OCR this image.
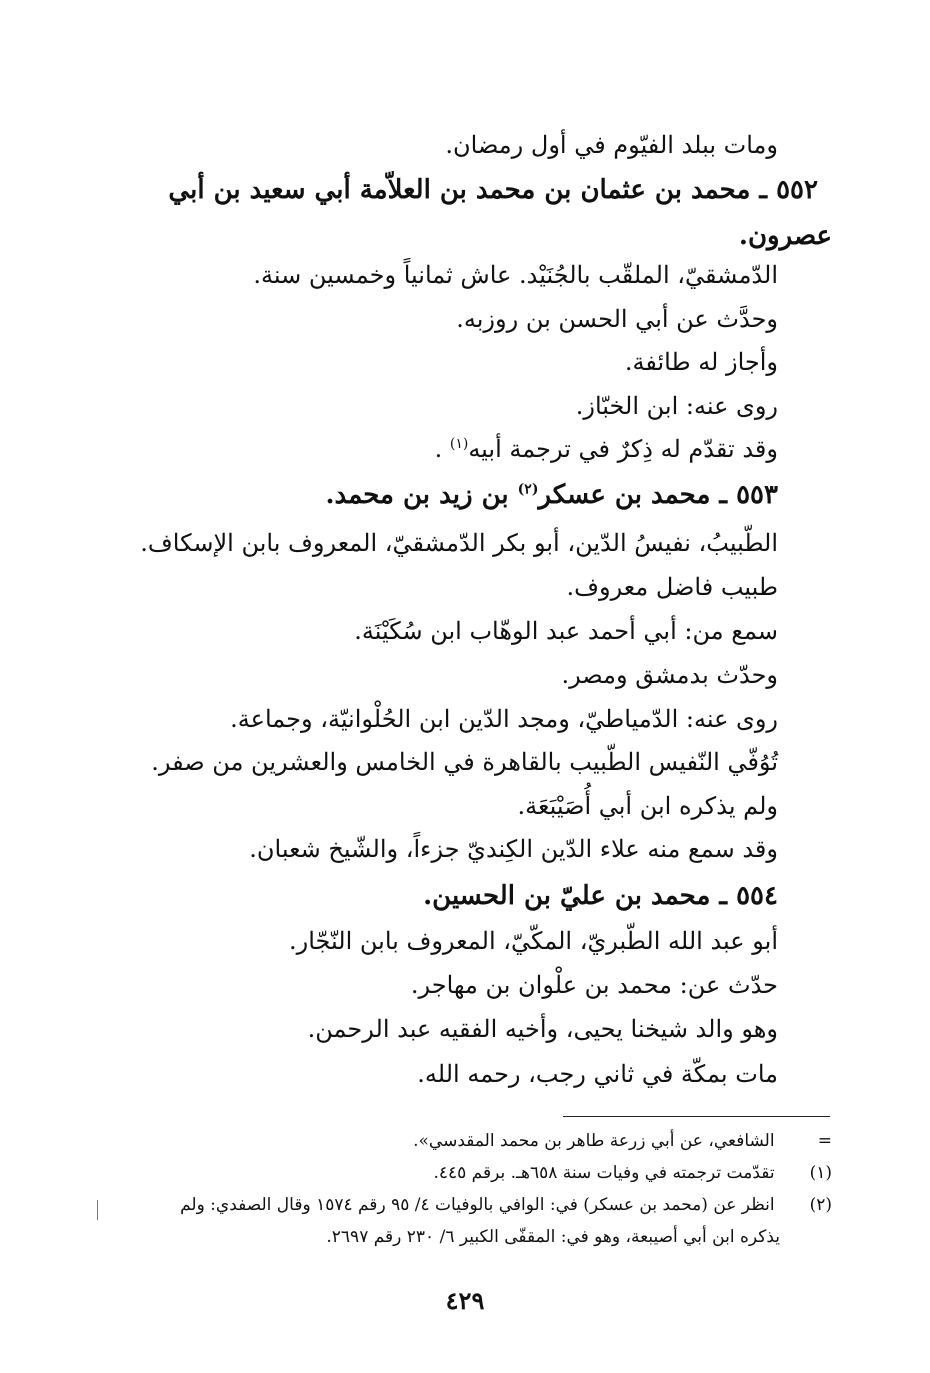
ومات ببلد الفيّوم في أول رمضان.
٥٥٢ ـ محمد بن عثمان بن محمد بن العلاّمة أبي سعيد بن أبي
عصرون.
الدّمشقيّ، الملقّب بالجُنَيْد. عاش ثمانياً وخمسين سنة.
وحدَّث عن أبي الحسن بن روزبه.
وأجاز له طائفة.
روى عنه: ابن الخبّاز.
وقد تقدّم له ذِكرٌ في ترجمة أبيه$^{(١)}$ .
٥٥٣ ـ محمد بن عسكر$^{(٢)}$ بن زيد بن محمد.
الطّبيبُ، نفيسُ الدّين، أبو بكر الدّمشقيّ، المعروف بابن الإسكاف.
طبيب فاضل معروف.
سمع من: أبي أحمد عبد الوهّاب ابن سُكَيْنَة.
وحدّث بدمشق ومصر.
روى عنه: الدّمياطيّ، ومجد الدّين ابن الحُلْوانيّة، وجماعة.
تُوُفّي النّفيس الطّبيب بالقاهرة في الخامس والعشرين من صفر.
ولم يذكره ابن أبي أُصَيْبَعَة.
وقد سمع منه علاء الدّين الكِنديّ جزءاً، والشّيخ شعبان.
٥٥٤ ـ محمد بن عليّ بن الحسين.
أبو عبد الله الطّبريّ، المكّيّ، المعروف بابن النّجّار.
حدّث عن: محمد بن علْوان بن مهاجر.
وهو والد شيخنا يحيى، وأخيه الفقيه عبد الرحمن.
مات بمكّة في ثاني رجب، رحمه الله.
= الشافعي، عن أبي زرعة طاهر بن محمد المقدسي».
(١) تقدّمت ترجمته في وفيات سنة ٦٥٨هـ. برقم ٤٤٥.
(٢) انظر عن (محمد بن عسكر) في: الوافي بالوفيات ٤/ ٩٥ رقم ١٥٧٤ وقال الصفدي: ولم
يذكره ابن أبي أصيبعة، وهو في: المقفّى الكبير ٦/ ٢٣٠ رقم ٢٦٩٧.
٤٢٩
